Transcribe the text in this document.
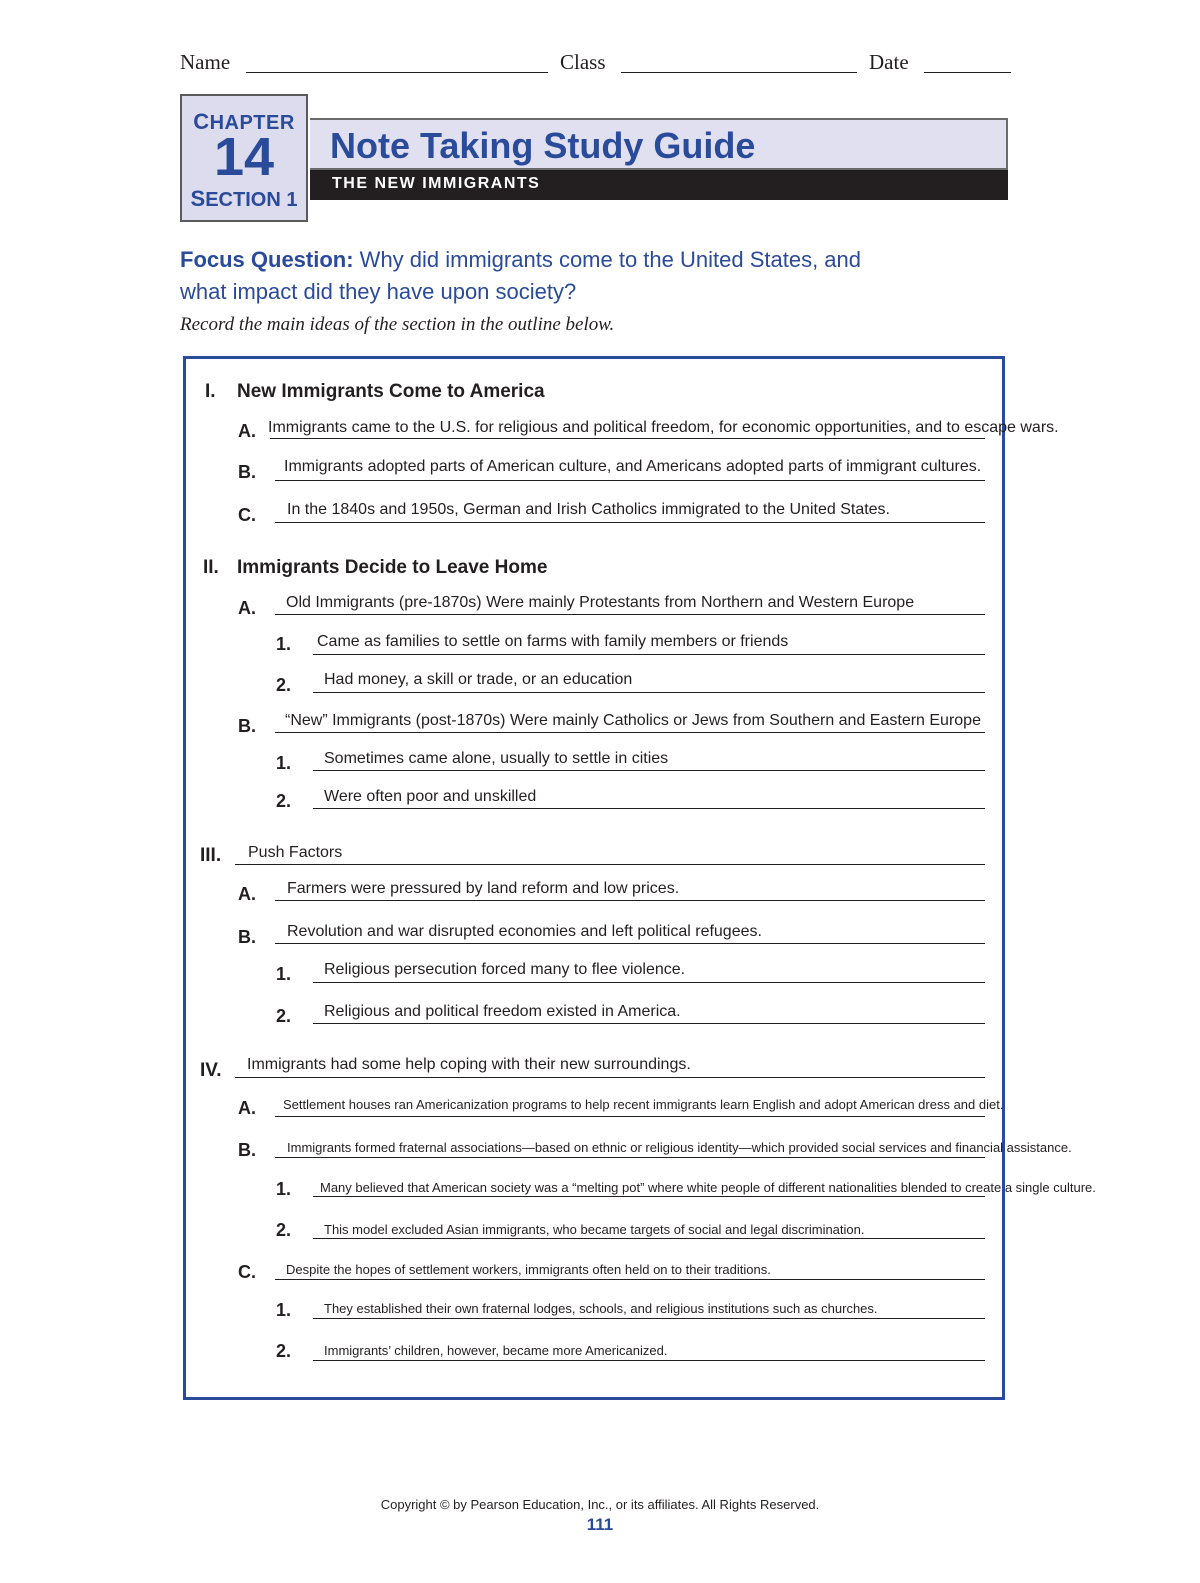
Name	Class	Date
CHAPTER
14
SECTION 1
Note Taking Study Guide
THE NEW IMMIGRANTS
Focus Question: Why did immigrants come to the United States, and
what impact did they have upon society?
Record the main ideas of the section in the outline below.
I. New Immigrants Come to America
A. Immigrants came to the U.S. for religious and political freedom, for economic opportunities, and to escape wars.
B. Immigrants adopted parts of American culture, and Americans adopted parts of immigrant cultures.
C. In the 1840s and 1950s, German and Irish Catholics immigrated to the United States.
II. Immigrants Decide to Leave Home
A. Old Immigrants (pre-1870s) Were mainly Protestants from Northern and Western Europe
1. Came as families to settle on farms with family members or friends
2. Had money, a skill or trade, or an education
B. “New” Immigrants (post-1870s) Were mainly Catholics or Jews from Southern and Eastern Europe
1. Sometimes came alone, usually to settle in cities
2. Were often poor and unskilled
III. Push Factors
A. Farmers were pressured by land reform and low prices.
B. Revolution and war disrupted economies and left political refugees.
1. Religious persecution forced many to flee violence.
2. Religious and political freedom existed in America.
IV. Immigrants had some help coping with their new surroundings.
A. Settlement houses ran Americanization programs to help recent immigrants learn English and adopt American dress and diet.
B. Immigrants formed fraternal associations—based on ethnic or religious identity—which provided social services and financial assistance.
1. Many believed that American society was a “melting pot” where white people of different nationalities blended to create a single culture.
2.	This model excluded Asian immigrants, who became targets of social and legal discrimination.
C. Despite the hopes of settlement workers, immigrants often held on to their traditions.
1.	They established their own fraternal lodges, schools, and religious institutions such as churches.
2.	Immigrants’ children, however, became more Americanized.
Copyright © by Pearson Education, Inc., or its affiliates. All Rights Reserved.
111
